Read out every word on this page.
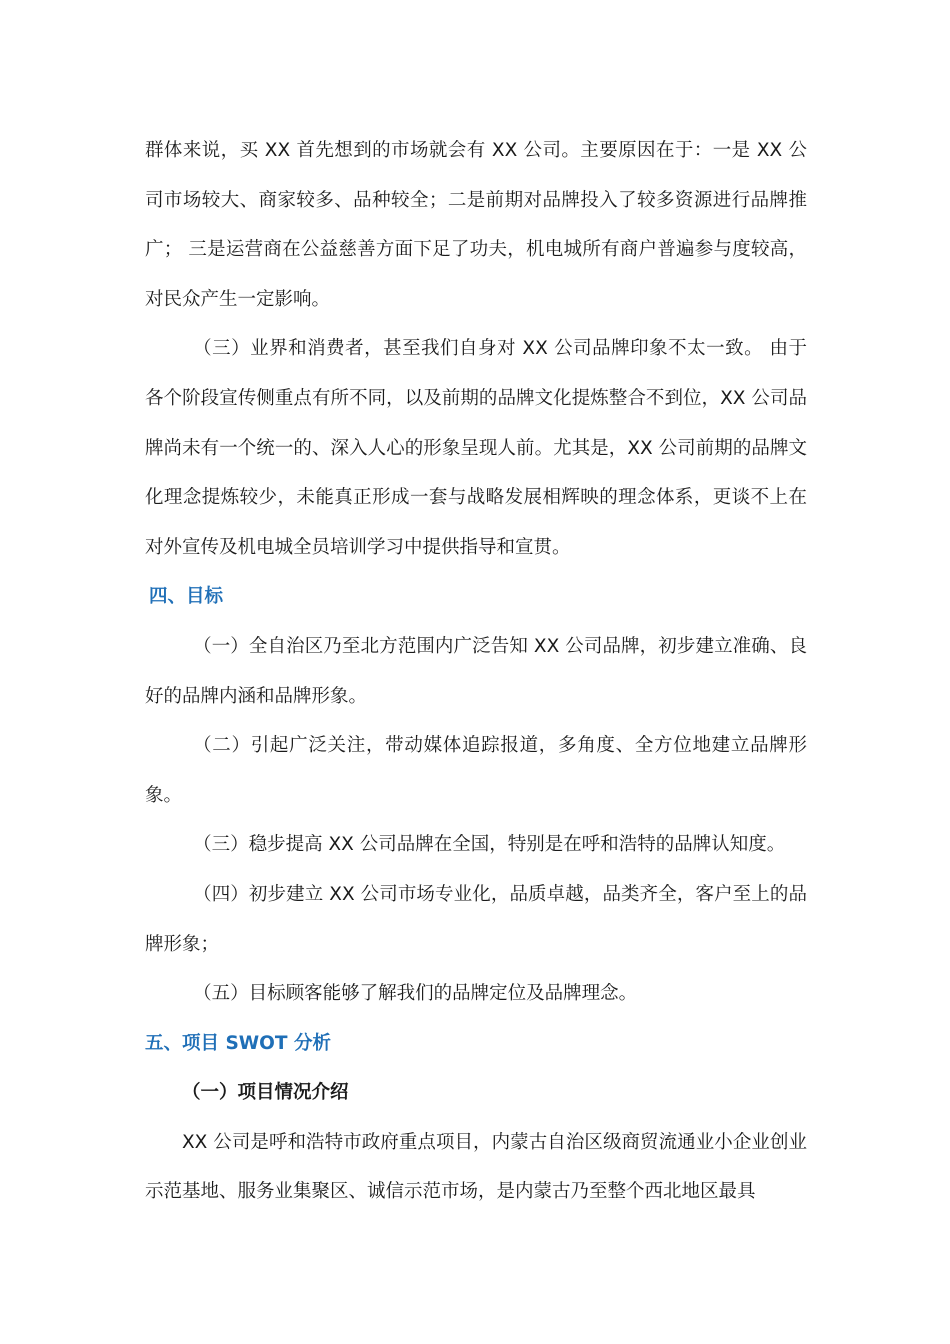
群体来说，买 XX 首先想到的市场就会有 XX 公司。主要原因在于：一是 XX 公司市场较大、商家较多、品种较全；二是前期对品牌投入了较多资源进行品牌推广； 三是运营商在公益慈善方面下足了功夫，机电城所有商户普遍参与度较高，对民众产生一定影响。

（三）业界和消费者，甚至我们自身对 XX 公司品牌印象不太一致。 由于各个阶段宣传侧重点有所不同，以及前期的品牌文化提炼整合不到位，XX 公司品牌尚未有一个统一的、深入人心的形象呈现人前。尤其是，XX 公司前期的品牌文化理念提炼较少，未能真正形成一套与战略发展相辉映的理念体系，更谈不上在对外宣传及机电城全员培训学习中提供指导和宣贯。

四、目标

（一）全自治区乃至北方范围内广泛告知 XX 公司品牌，初步建立准确、良好的品牌内涵和品牌形象。

（二）引起广泛关注，带动媒体追踪报道，多角度、全方位地建立品牌形象。

（三）稳步提高 XX 公司品牌在全国，特别是在呼和浩特的品牌认知度。

（四）初步建立 XX 公司市场专业化，品质卓越，品类齐全，客户至上的品牌形象；

（五）目标顾客能够了解我们的品牌定位及品牌理念。

五、项目 SWOT 分析

（一）项目情况介绍

XX 公司是呼和浩特市政府重点项目，内蒙古自治区级商贸流通业小企业创业示范基地、服务业集聚区、诚信示范市场，是内蒙古乃至整个西北地区最具
